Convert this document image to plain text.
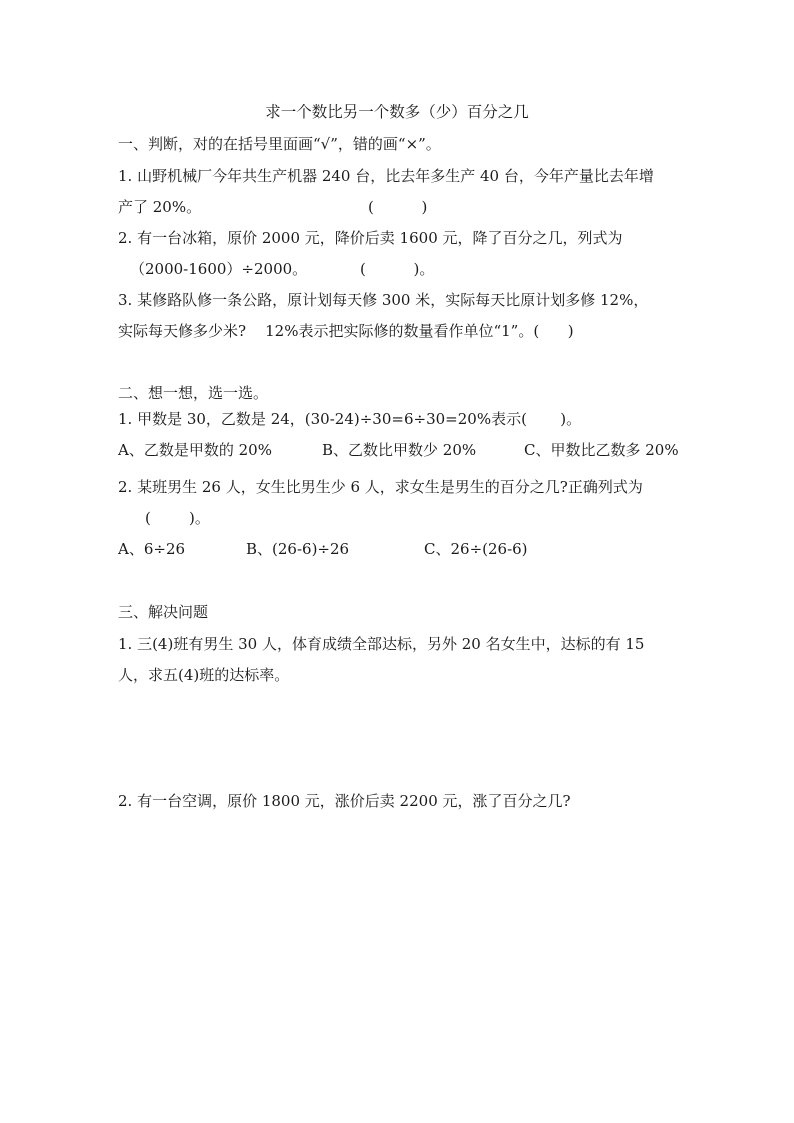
求一个数比另一个数多（少）百分之几

一、判断，对的在括号里面画“√”，错的画“×”。

1. 山野机械厂今年共生产机器 240 台，比去年多生产 40 台，今年产量比去年增

产了 20%。	(          )

2. 有一台冰箱，原价 2000 元，降价后卖 1600 元，降了百分之几，列式为

（2000-1600）÷2000。	(          )。

3. 某修路队修一条公路，原计划每天修 300 米，实际每天比原计划多修 12%，

实际每天修多少米?    12%表示把实际修的数量看作单位“1”。(      )

二、想一想，选一选。

1. 甲数是 30，乙数是 24，(30-24)÷30=6÷30=20%表示(       )。

A、乙数是甲数的 20%	B、乙数比甲数少 20%	C、甲数比乙数多 20%

2. 某班男生 26 人，女生比男生少 6 人，求女生是男生的百分之几?正确列式为

(        )。

A、6÷26	B、(26-6)÷26	C、26÷(26-6)

三、解决问题

1. 三(4)班有男生 30 人，体育成绩全部达标，另外 20 名女生中，达标的有 15

人，求五(4)班的达标率。

2. 有一台空调，原价 1800 元，涨价后卖 2200 元，涨了百分之几?
